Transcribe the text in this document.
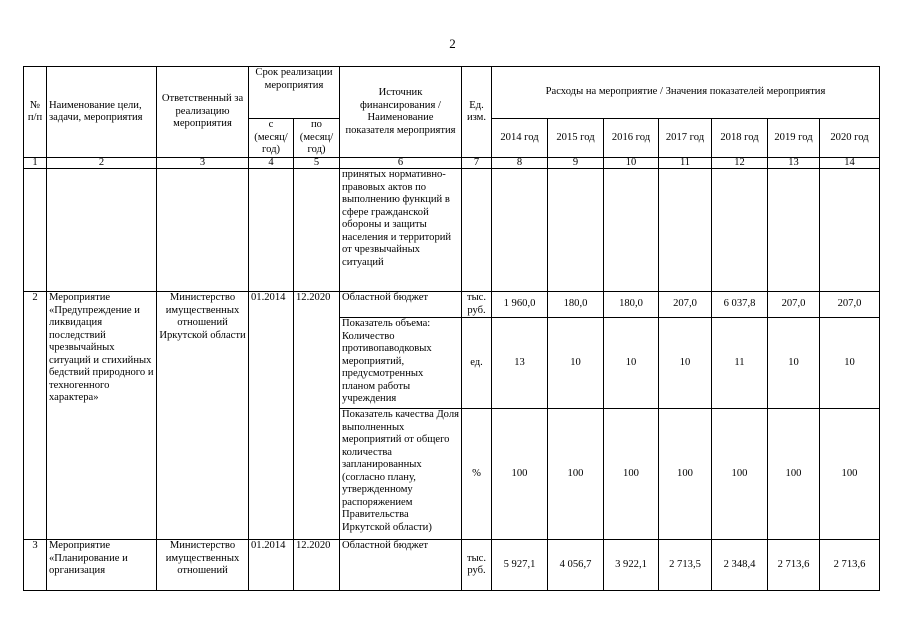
2
№ п/п	Наименование цели, задачи, мероприятия	Ответственный за реализацию мероприятия	Срок реализации мероприятия		Источник финансирования / Наименование показателя мероприятия	Ед. изм.	Расходы на мероприятие / Значения показателей мероприятия						
			с (месяц/ год)	по (месяц/ год)			2014 год	2015 год	2016 год	2017 год	2018 год	2019 год	2020 год
1	2	3	4	5	6	7	8	9	10	11	12	13	14
					принятых нормативно-правовых актов по выполнению функций в сфере гражданской обороны и защиты населения и территорий от чрезвычайных ситуаций								
2	Мероприятие «Предупреждение и ликвидация последствий чрезвычайных ситуаций и стихийных бедствий природного и техногенного характера»	Министерство имущественных отношений Иркутской области	01.2014	12.2020	Областной бюджет	тыс. руб.	1 960,0	180,0	180,0	207,0	6 037,8	207,0	207,0
					Показатель объема: Количество противопаводковых мероприятий, предусмотренных планом работы учреждения	ед.	13	10	10	10	11	10	10
					Показатель качества Доля выполненных мероприятий от общего количества запланированных (согласно плану, утвержденному распоряжением Правительства Иркутской области)	%	100	100	100	100	100	100	100
3	Мероприятие «Планирование и организация	Министерство имущественных отношений	01.2014	12.2020	Областной бюджет	тыс. руб.	5 927,1	4 056,7	3 922,1	2 713,5	2 348,4	2 713,6	2 713,6
